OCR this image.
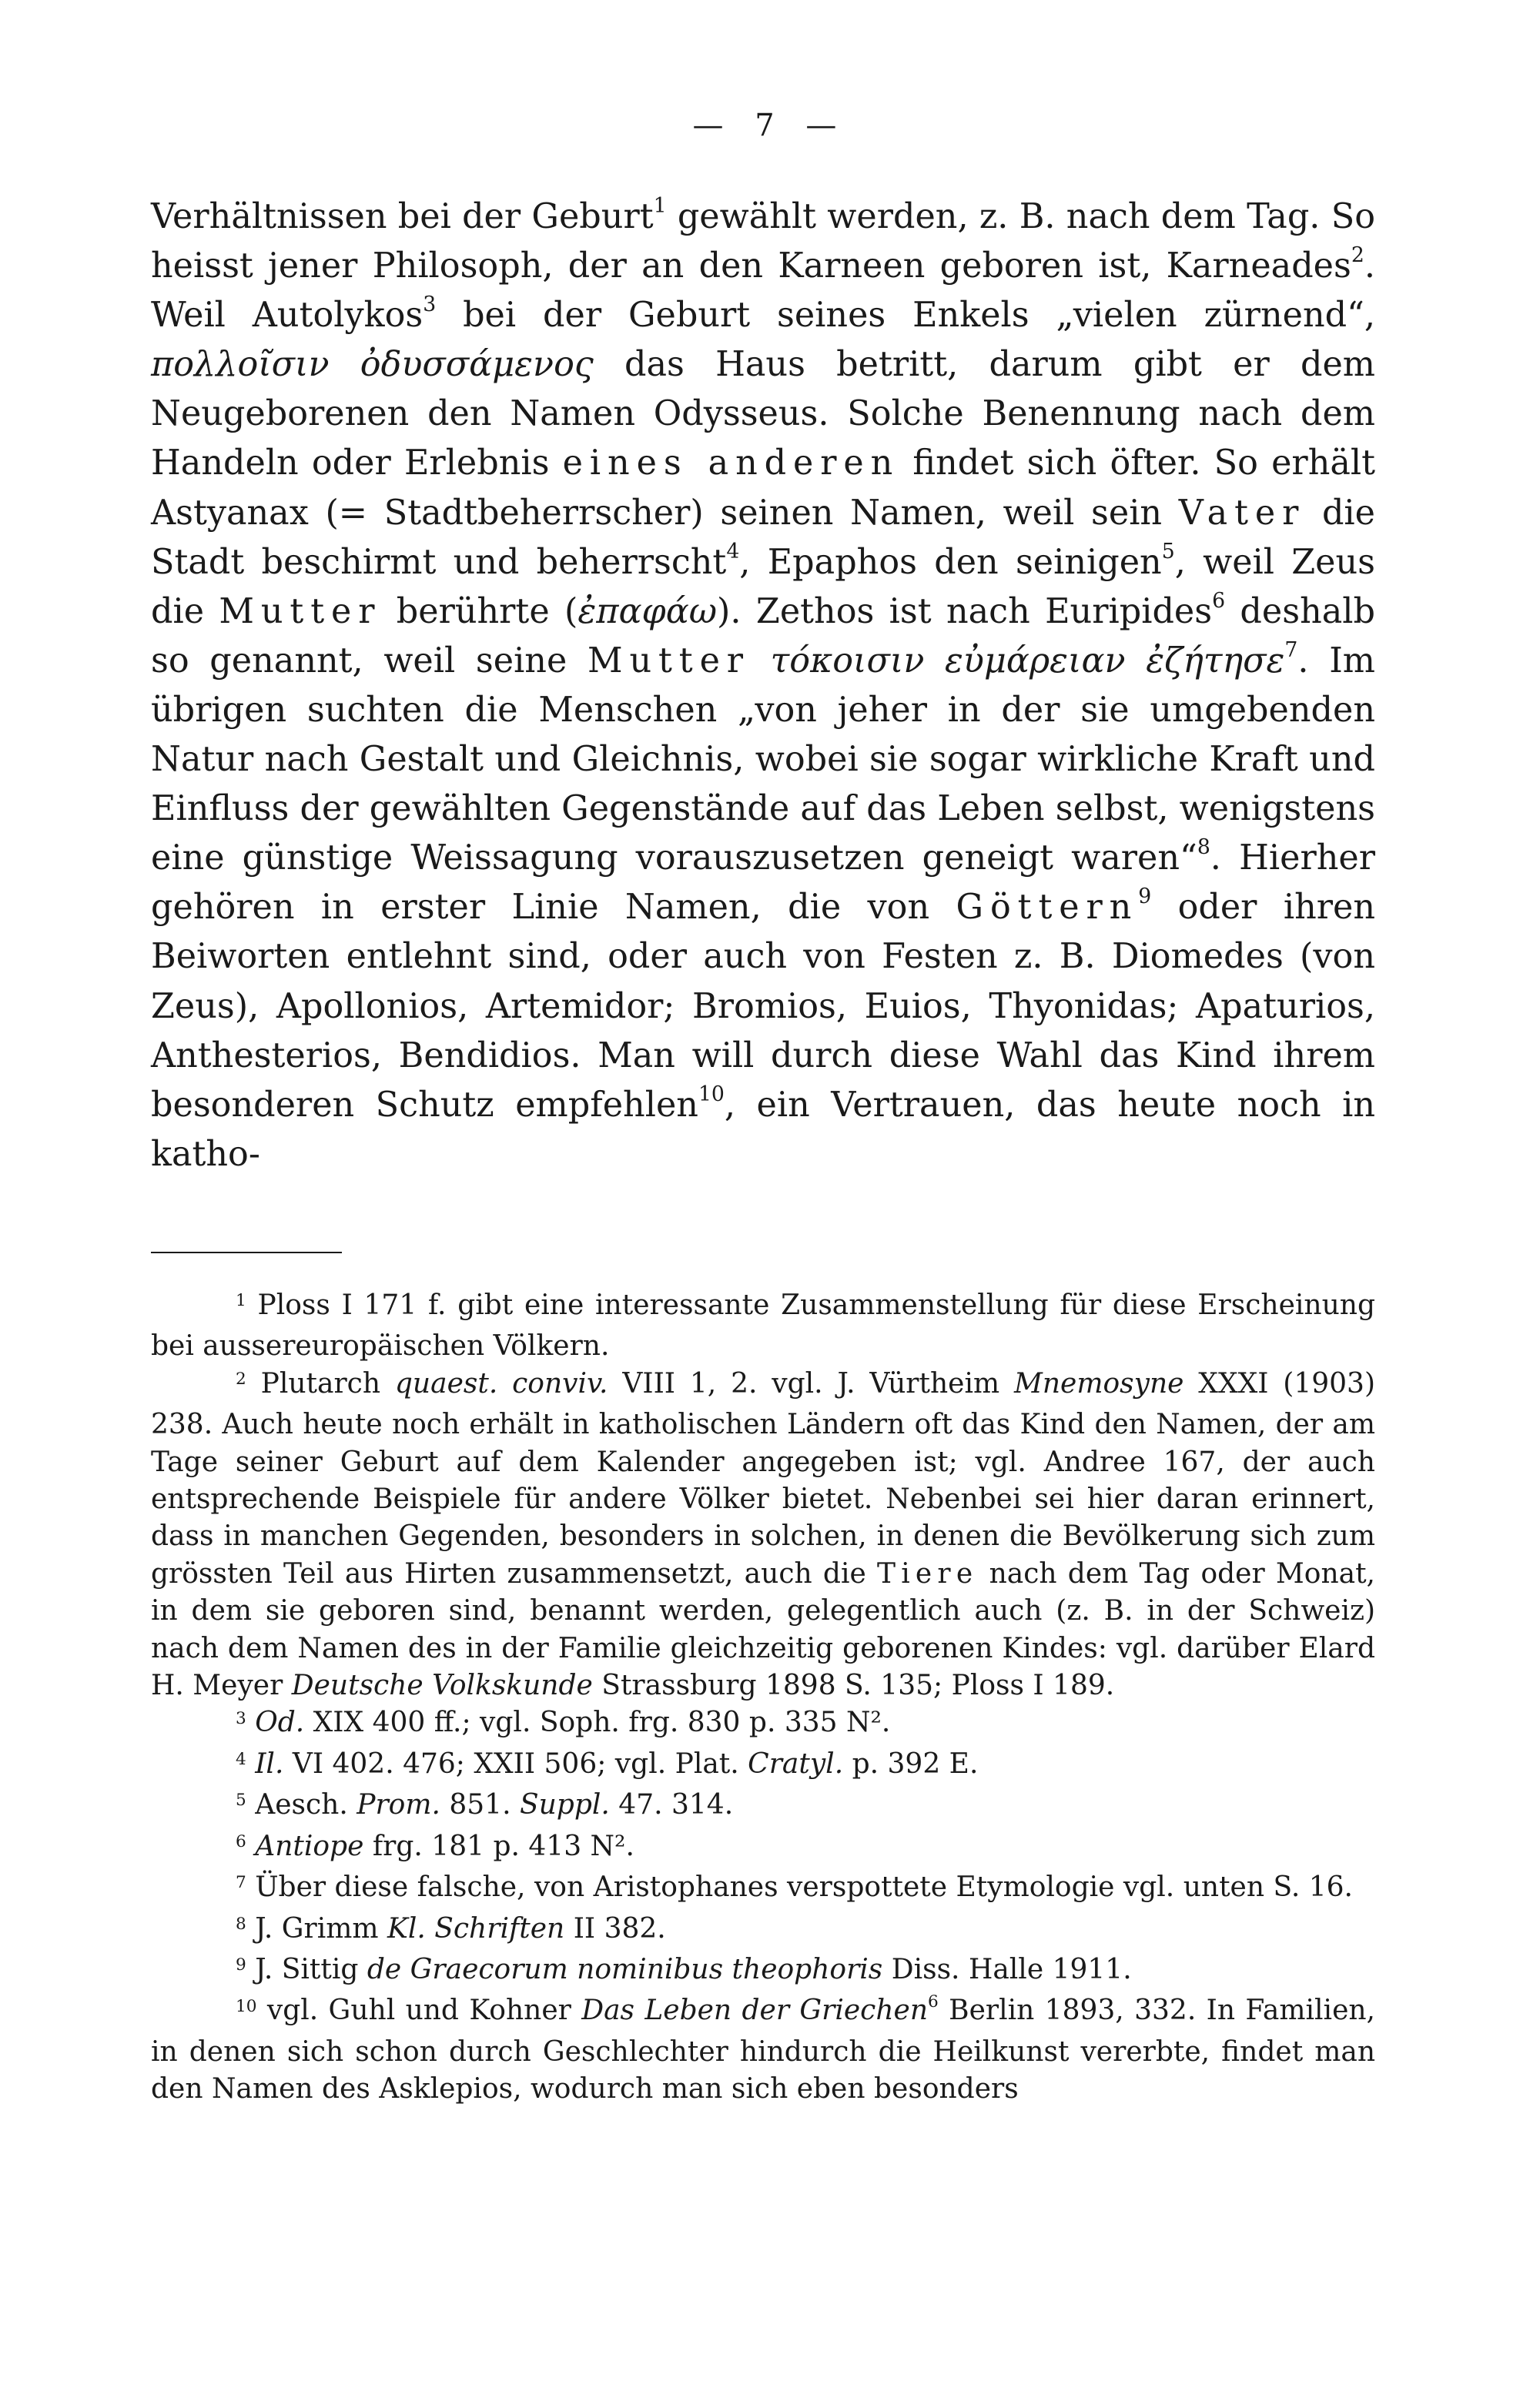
— 7 —

Verhältnissen bei der Geburt$^1$ gewählt werden, z. B. nach dem Tag. So heisst jener Philosoph, der an den Karneen geboren ist, Karneades$^2$. Weil Autolykos$^3$ bei der Geburt seines Enkels „vielen zürnend“, πολλοῖσιν ὀδυσσάμενος das Haus betritt, darum gibt er dem Neugeborenen den Namen Odysseus. Solche Benennung nach dem Handeln oder Erlebnis eines anderen findet sich öfter. So erhält Astyanax (= Stadtbeherrscher) seinen Namen, weil sein Vater die Stadt beschirmt und beherrscht$^4$, Epaphos den seinigen$^5$, weil Zeus die Mutter berührte (ἐπαφάω). Zethos ist nach Euripides$^6$ deshalb so genannt, weil seine Mutter τόκοισιν εὐμάρειαν ἐζήτησε$^7$. Im übrigen suchten die Menschen „von jeher in der sie umgebenden Natur nach Gestalt und Gleichnis, wobei sie sogar wirkliche Kraft und Einfluss der gewählten Gegenstände auf das Leben selbst, wenigstens eine günstige Weissagung vorauszusetzen geneigt waren“$^8$. Hierher gehören in erster Linie Namen, die von Göttern$^9$ oder ihren Beiworten entlehnt sind, oder auch von Festen z. B. Diomedes (von Zeus), Apollonios, Artemidor; Bromios, Euios, Thyonidas; Apaturios, Anthesterios, Bendidios. Man will durch diese Wahl das Kind ihrem besonderen Schutz empfehlen$^{10}$, ein Vertrauen, das heute noch in katho-

$^1$ Ploss I 171 f. gibt eine interessante Zusammenstellung für diese Erscheinung bei aussereuropäischen Völkern.

$^2$ Plutarch quaest. conviv. VIII 1, 2. vgl. J. Vürtheim Mnemosyne XXXI (1903) 238. Auch heute noch erhält in katholischen Ländern oft das Kind den Namen, der am Tage seiner Geburt auf dem Kalender angegeben ist; vgl. Andree 167, der auch entsprechende Beispiele für andere Völker bietet. Nebenbei sei hier daran erinnert, dass in manchen Gegenden, besonders in solchen, in denen die Bevölkerung sich zum grössten Teil aus Hirten zusammensetzt, auch die Tiere nach dem Tag oder Monat, in dem sie geboren sind, benannt werden, gelegentlich auch (z. B. in der Schweiz) nach dem Namen des in der Familie gleichzeitig geborenen Kindes: vgl. darüber Elard H. Meyer Deutsche Volkskunde Strassburg 1898 S. 135; Ploss I 189.

$^3$ Od. XIX 400 ff.; vgl. Soph. frg. 830 p. 335 N².

$^4$ Il. VI 402. 476; XXII 506; vgl. Plat. Cratyl. p. 392 E.

$^5$ Aesch. Prom. 851. Suppl. 47. 314.

$^6$ Antiope frg. 181 p. 413 N².

$^7$ Über diese falsche, von Aristophanes verspottete Etymologie vgl. unten S. 16.

$^8$ J. Grimm Kl. Schriften II 382.

$^9$ J. Sittig de Graecorum nominibus theophoris Diss. Halle 1911.

$^{10}$ vgl. Guhl und Kohner Das Leben der Griechen$^6$ Berlin 1893, 332. In Familien, in denen sich schon durch Geschlechter hindurch die Heilkunst vererbte, findet man den Namen des Asklepios, wodurch man sich eben besonders
